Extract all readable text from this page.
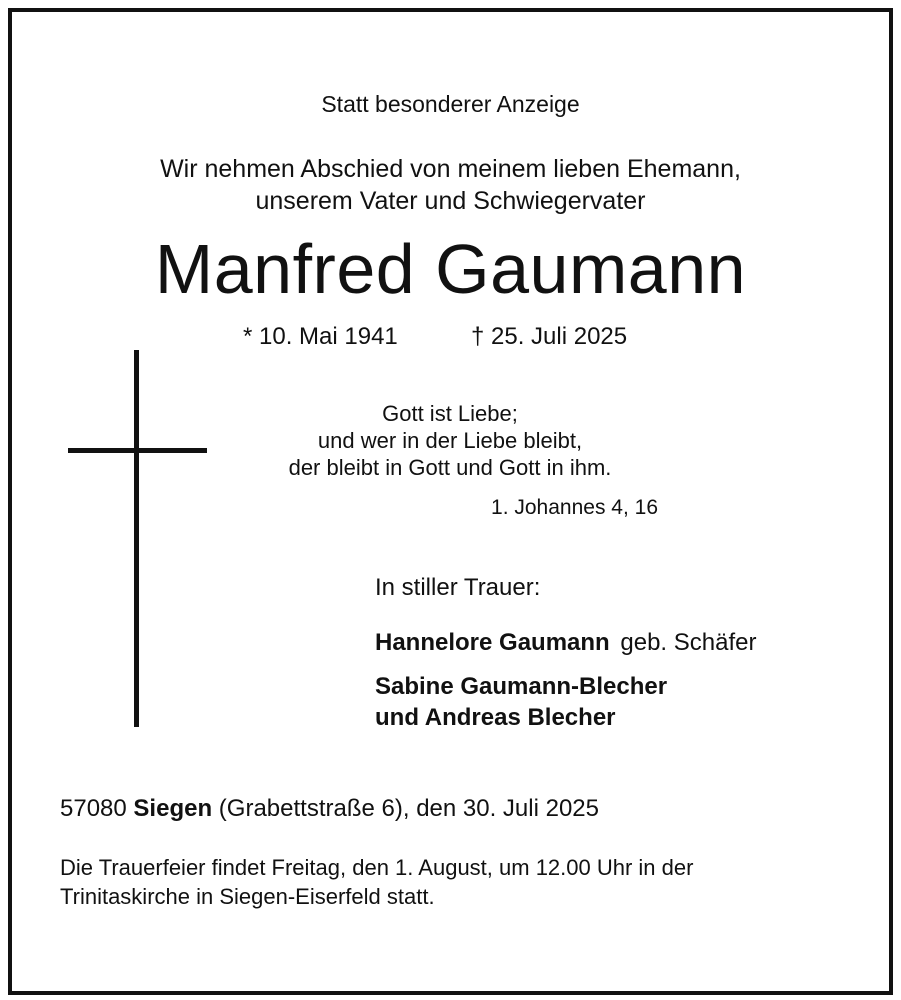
Statt besonderer Anzeige
Wir nehmen Abschied von meinem lieben Ehemann,
unserem Vater und Schwiegervater
Manfred Gaumann
* 10. Mai 1941	† 25. Juli 2025
Gott ist Liebe;
und wer in der Liebe bleibt,
der bleibt in Gott und Gott in ihm.
1. Johannes 4, 16
In stiller Trauer:
Hannelore Gaumann geb. Schäfer
Sabine Gaumann-Blecher
und Andreas Blecher
57080 Siegen (Grabettstraße 6), den 30. Juli 2025
Die Trauerfeier findet Freitag, den 1. August, um 12.00 Uhr in der
Trinitaskirche in Siegen-Eiserfeld statt.
